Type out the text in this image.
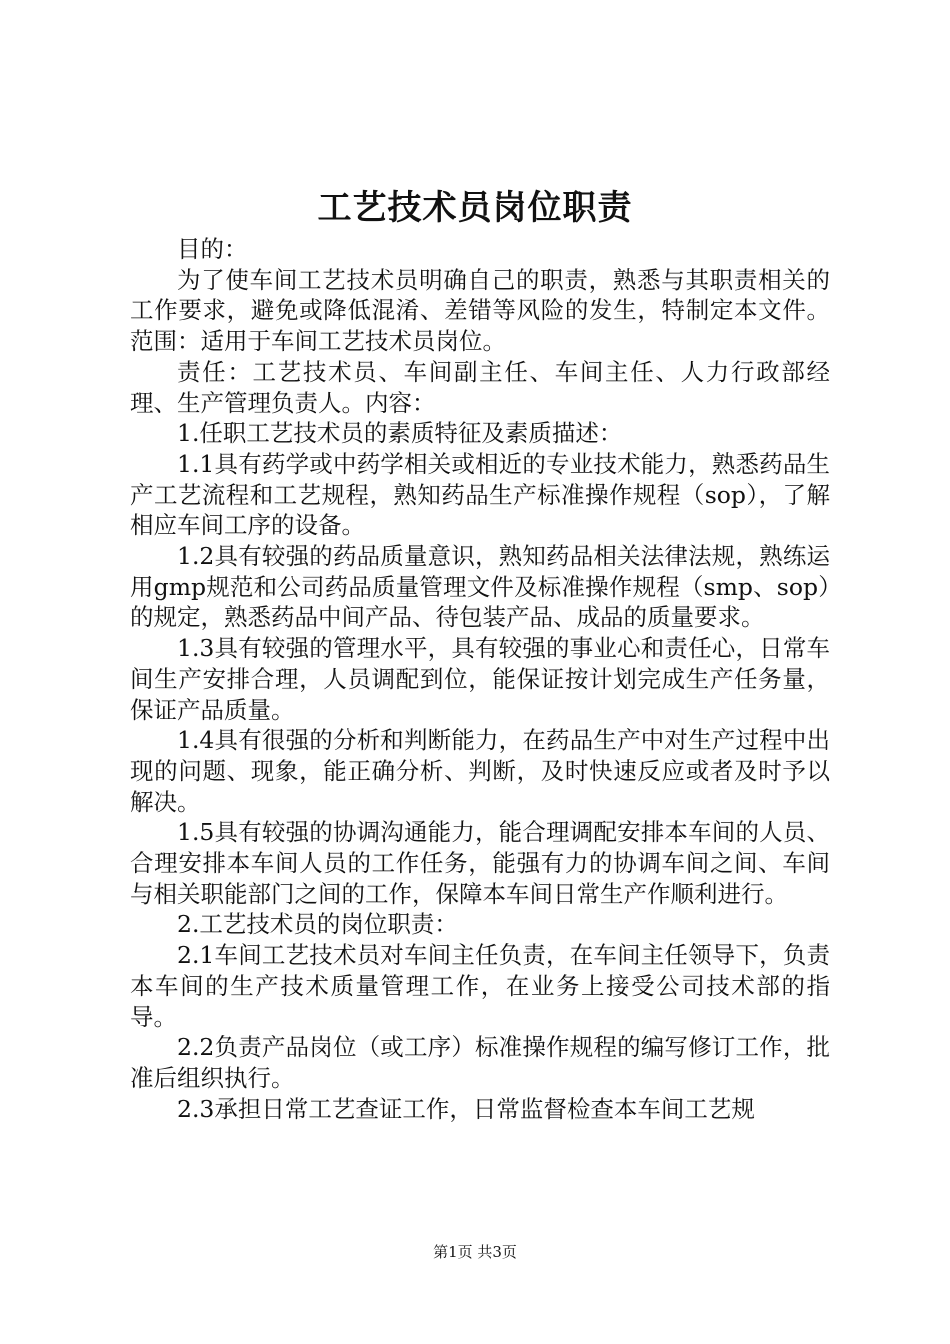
工艺技术员岗位职责

目的：

为了使车间工艺技术员明确自己的职责，熟悉与其职责相关的工作要求，避免或降低混淆、差错等风险的发生，特制定本文件。范围：适用于车间工艺技术员岗位。

责任：工艺技术员、车间副主任、车间主任、人力行政部经理、生产管理负责人。内容：

1.任职工艺技术员的素质特征及素质描述：

1.1具有药学或中药学相关或相近的专业技术能力，熟悉药品生产工艺流程和工艺规程，熟知药品生产标准操作规程（sop），了解相应车间工序的设备。

1.2具有较强的药品质量意识，熟知药品相关法律法规，熟练运用gmp规范和公司药品质量管理文件及标准操作规程（smp、sop）的规定，熟悉药品中间产品、待包装产品、成品的质量要求。

1.3具有较强的管理水平，具有较强的事业心和责任心，日常车间生产安排合理，人员调配到位，能保证按计划完成生产任务量，保证产品质量。

1.4具有很强的分析和判断能力，在药品生产中对生产过程中出现的问题、现象，能正确分析、判断，及时快速反应或者及时予以解决。

1.5具有较强的协调沟通能力，能合理调配安排本车间的人员、合理安排本车间人员的工作任务，能强有力的协调车间之间、车间与相关职能部门之间的工作，保障本车间日常生产作顺利进行。

2.工艺技术员的岗位职责：

2.1车间工艺技术员对车间主任负责，在车间主任领导下，负责本车间的生产技术质量管理工作，在业务上接受公司技术部的指导。

2.2负责产品岗位（或工序）标准操作规程的编写修订工作，批准后组织执行。

2.3承担日常工艺查证工作，日常监督检查本车间工艺规

第1页 共3页
